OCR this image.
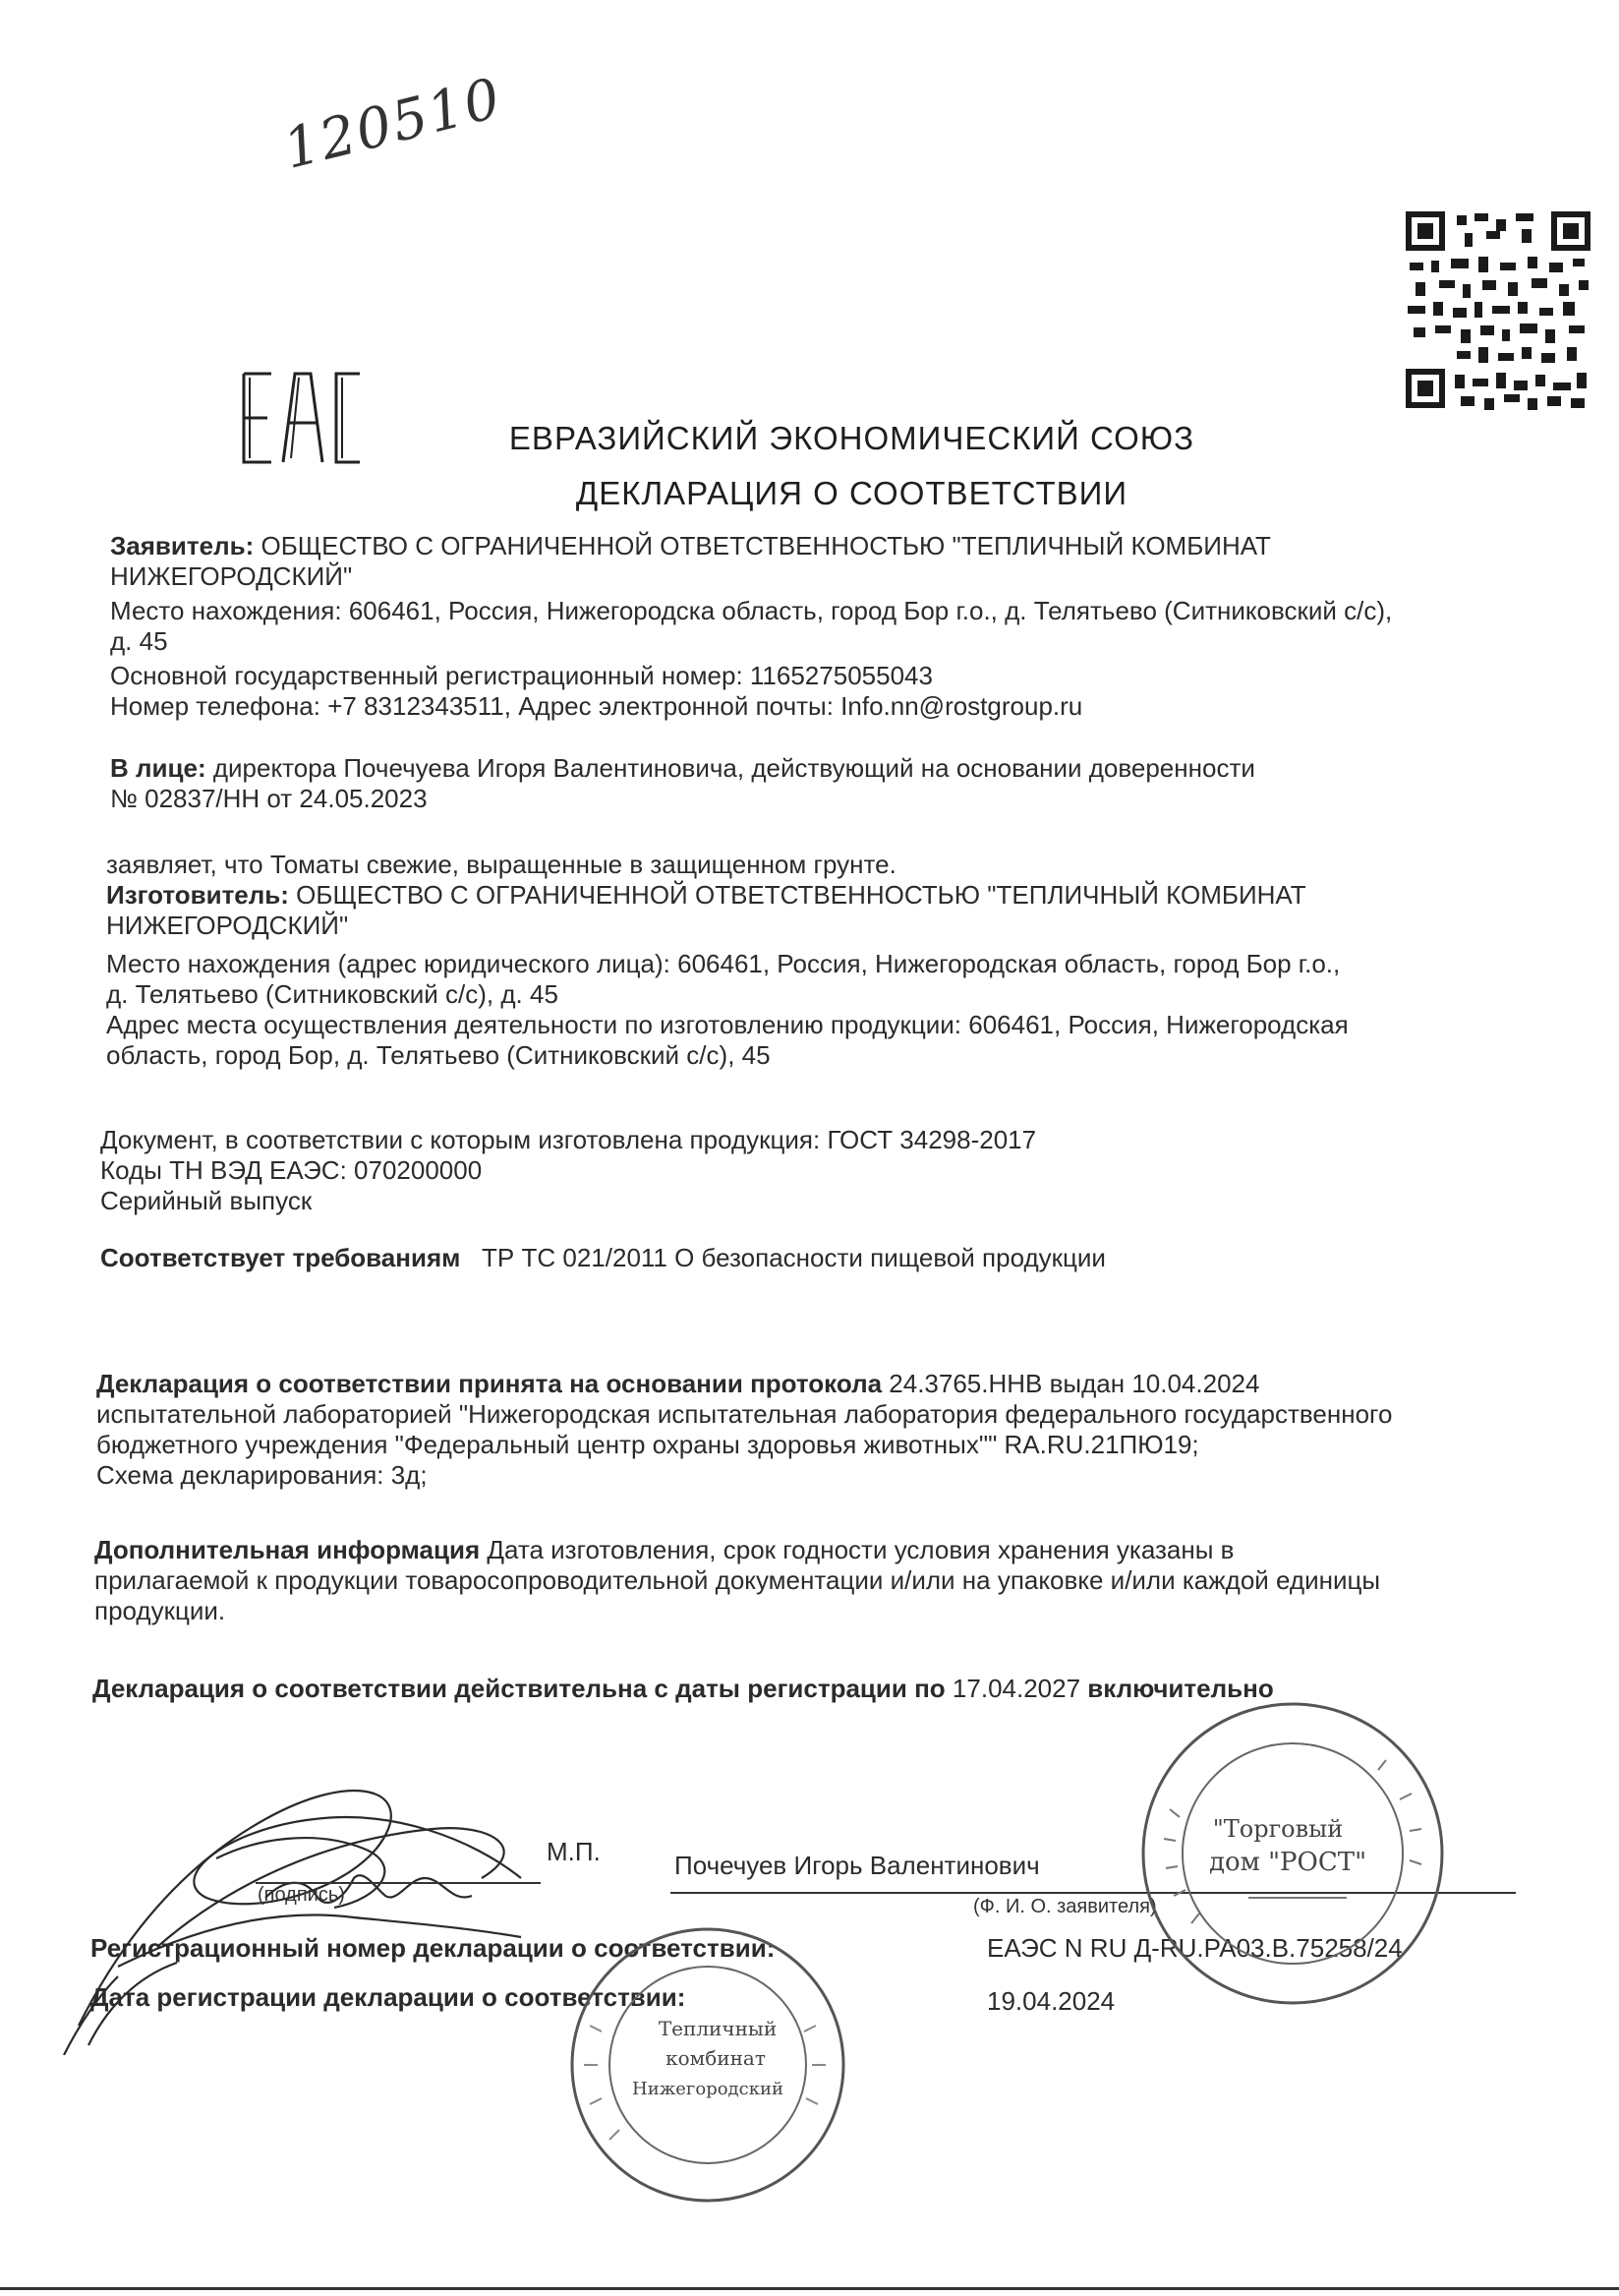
120510
ЕВРАЗИЙСКИЙ ЭКОНОМИЧЕСКИЙ СОЮЗ
ДЕКЛАРАЦИЯ О СООТВЕТСТВИИ
Заявитель: ОБЩЕСТВО С ОГРАНИЧЕННОЙ ОТВЕТСТВЕННОСТЬЮ "ТЕПЛИЧНЫЙ КОМБИНАТ
НИЖЕГОРОДСКИЙ"
Место нахождения: 606461, Россия, Нижегородска область, город Бор г.о., д. Телятьево (Ситниковский с/с),
д. 45
Основной государственный регистрационный номер: 1165275055043
Номер телефона: +7 8312343511, Адрес электронной почты: Info.nn@rostgroup.ru
В лице: директора Почечуева Игоря Валентиновича, действующий на основании доверенности
№ 02837/НН от 24.05.2023
заявляет, что Томаты свежие, выращенные в защищенном грунте.
Изготовитель: ОБЩЕСТВО С ОГРАНИЧЕННОЙ ОТВЕТСТВЕННОСТЬЮ "ТЕПЛИЧНЫЙ КОМБИНАТ
НИЖЕГОРОДСКИЙ"
Место нахождения (адрес юридического лица): 606461, Россия, Нижегородская область, город Бор г.о.,
д. Телятьево (Ситниковский с/с), д. 45
Адрес места осуществления деятельности по изготовлению продукции: 606461, Россия, Нижегородская
область, город Бор, д. Телятьево (Ситниковский с/с), 45
Документ, в соответствии с которым изготовлена продукция: ГОСТ 34298-2017
Коды ТН ВЭД ЕАЭС: 070200000
Серийный выпуск
Соответствует требованиям ТР ТС 021/2011 О безопасности пищевой продукции
Декларация о соответствии принята на основании протокола 24.3765.ННВ выдан 10.04.2024
испытательной лабораторией "Нижегородская испытательная лаборатория федерального государственного
бюджетного учреждения "Федеральный центр охраны здоровья животных"" RA.RU.21ПЮ19;
Схема декларирования: 3д;
Дополнительная информация Дата изготовления, срок годности условия хранения указаны в
прилагаемой к продукции товаросопроводительной документации и/или на упаковке и/или каждой единицы
продукции.
Декларация о соответствии действительна с даты регистрации по 17.04.2027 включительно
М.П.
(подпись)
Почечуев Игорь Валентинович
(Ф. И. О. заявителя)
Регистрационный номер декларации о соответствии:	ЕАЭС N RU Д-RU.РА03.В.75258/24
Дата регистрации декларации о соответствии:	19.04.2024
"Торговый
дом "РОСТ"
Тепличный
комбинат
Нижегородский
